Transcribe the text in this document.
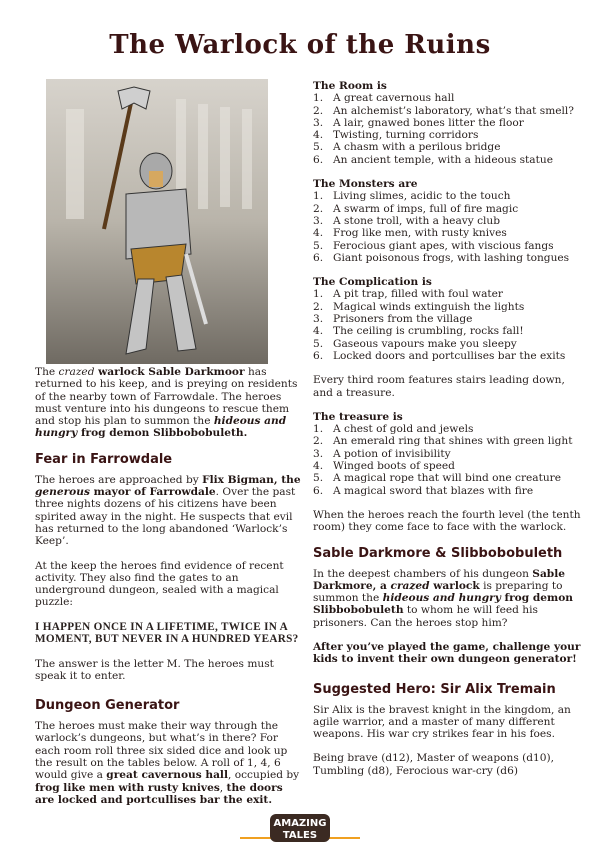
The Warlock of the Ruins

The crazed warlock Sable Darkmoor has returned to his keep, and is preying on residents of the nearby town of Farrowdale. The heroes must venture into his dungeons to rescue them and stop his plan to summon the hideous and hungry frog demon Slibbobobuleth.

Fear in Farrowdale

The heroes are approached by Flix Bigman, the generous mayor of Farrowdale. Over the past three nights dozens of his citizens have been spirited away in the night. He suspects that evil has returned to the long abandoned ‘Warlock’s Keep’.

At the keep the heroes find evidence of recent activity. They also find the gates to an underground dungeon, sealed with a magical puzzle:

I HAPPEN ONCE IN A LIFETIME, TWICE IN A MOMENT, BUT NEVER IN A HUNDRED YEARS?

The answer is the letter M. The heroes must speak it to enter.

Dungeon Generator

The heroes must make their way through the warlock’s dungeons, but what’s in there? For each room roll three six sided dice and look up the result on the tables below. A roll of 1, 4, 6 would give a great cavernous hall, occupied by frog like men with rusty knives, the doors are locked and portcullises bar the exit.

The Room is
1. A great cavernous hall
2. An alchemist’s laboratory, what’s that smell?
3. A lair, gnawed bones litter the floor
4. Twisting, turning corridors
5. A chasm with a perilous bridge
6. An ancient temple, with a hideous statue
The Monsters are
1. Living slimes, acidic to the touch
2. A swarm of imps, full of fire magic
3. A stone troll, with a heavy club
4. Frog like men, with rusty knives
5. Ferocious giant apes, with viscious fangs
6. Giant poisonous frogs, with lashing tongues
The Complication is
1. A pit trap, filled with foul water
2. Magical winds extinguish the lights
3. Prisoners from the village
4. The ceiling is crumbling, rocks fall!
5. Gaseous vapours make you sleepy
6. Locked doors and portcullises bar the exits

Every third room features stairs leading down, and a treasure.

The treasure is
1. A chest of gold and jewels
2. An emerald ring that shines with green light
3. A potion of invisibility
4. Winged boots of speed
5. A magical rope that will bind one creature
6. A magical sword that blazes with fire

When the heroes reach the fourth level (the tenth room) they come face to face with the warlock.

Sable Darkmore & Slibbobobuleth

In the deepest chambers of his dungeon Sable Darkmore, a crazed warlock is preparing to summon the hideous and hungry frog demon Slibbobobuleth to whom he will feed his prisoners. Can the heroes stop him?

After you’ve played the game, challenge your kids to invent their own dungeon generator!

Suggested Hero: Sir Alix Tremain

Sir Alix is the bravest knight in the kingdom, an agile warrior, and a master of many different weapons. His war cry strikes fear in his foes.

Being brave (d12), Master of weapons (d10), Tumbling (d8), Ferocious war-cry (d6)

AMAZING
TALES
